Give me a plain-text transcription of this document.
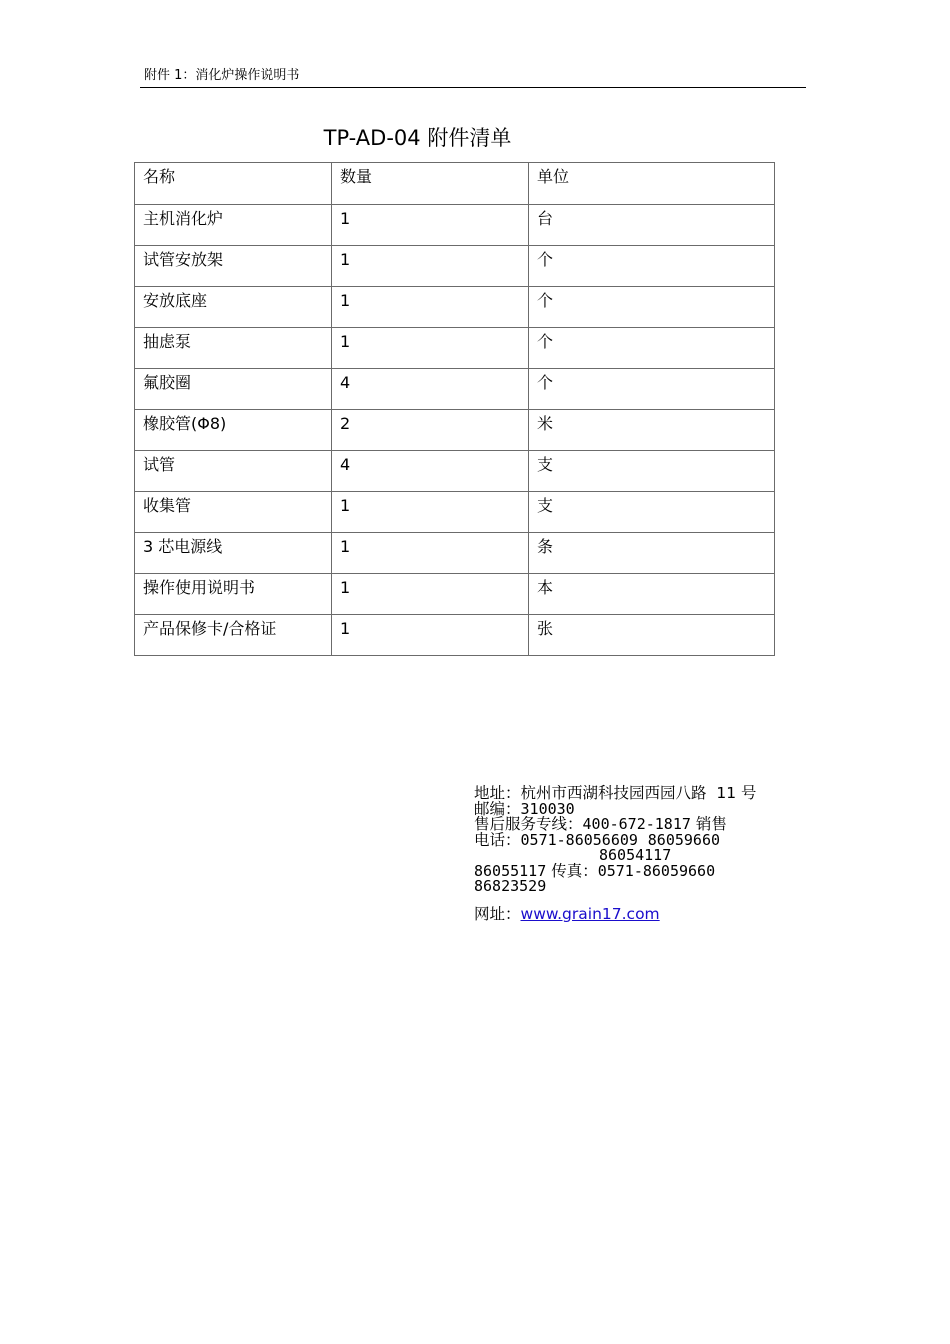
附件 1：消化炉操作说明书
TP-AD-04 附件清单
名称	数量	单位
主机消化炉	1	台
试管安放架	1	个
安放底座	1	个
抽虑泵	1	个
氟胶圈	4	个
橡胶管(Φ8)	2	米
试管	4	支
收集管	1	支
3 芯电源线	1	条
操作使用说明书	1	本
产品保修卡/合格证	1	张
地址：杭州市西湖科技园西园八路  11 号
邮编：310030
售后服务专线：400-672-1817 销售
电话：0571-86056609 86059660
86054117
86055117 传真：0571-86059660
86823529
网址：www.grain17.com
